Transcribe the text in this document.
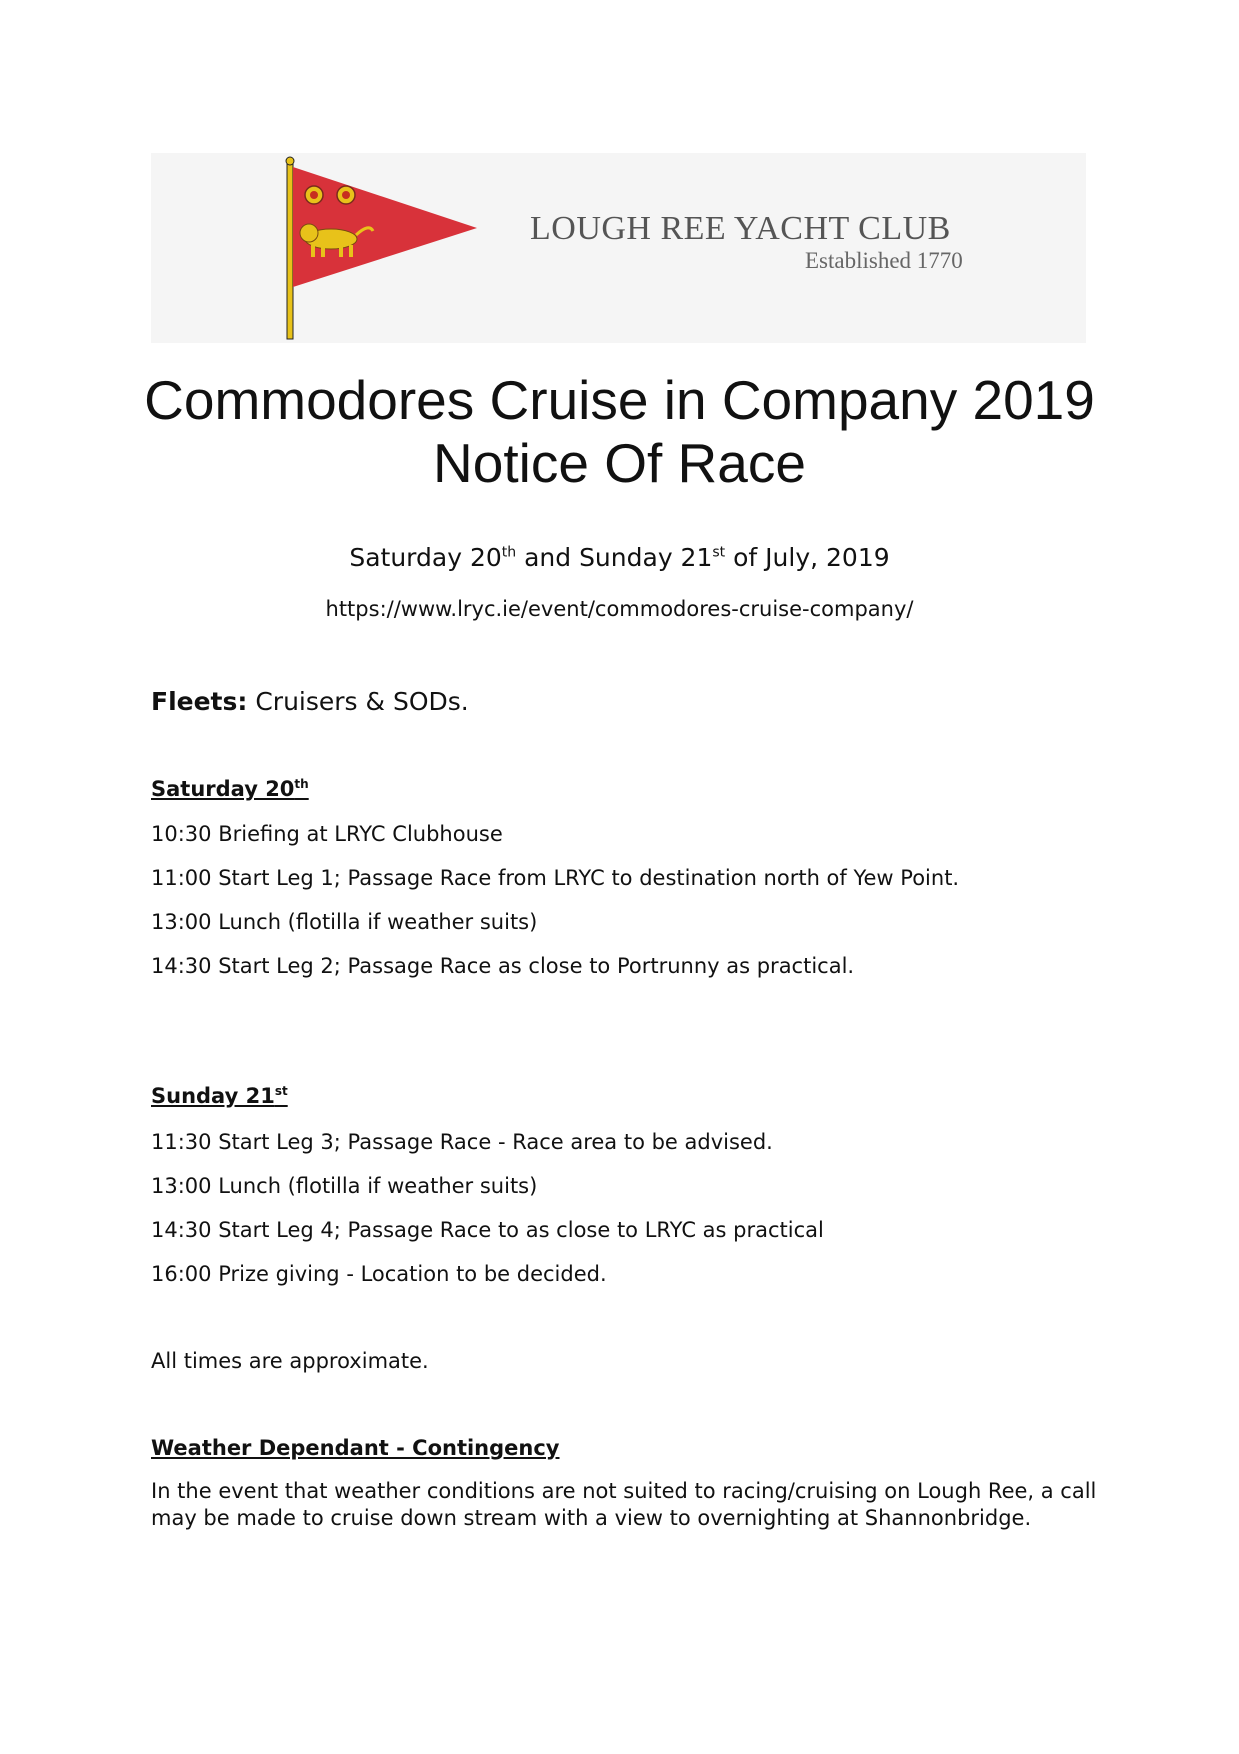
LOUGH REE YACHT CLUB
Established 1770
Commodores Cruise in Company 2019
Notice Of Race
Saturday 20th and Sunday 21st of July, 2019
https://www.lryc.ie/event/commodores-cruise-company/
Fleets: Cruisers & SODs.
Saturday 20th
10:30 Briefing at LRYC Clubhouse
11:00 Start Leg 1; Passage Race from LRYC to destination north of Yew Point.
13:00 Lunch (flotilla if weather suits)
14:30 Start Leg 2; Passage Race as close to Portrunny as practical.
Sunday 21st
11:30 Start Leg 3; Passage Race - Race area to be advised.
13:00 Lunch (flotilla if weather suits)
14:30 Start Leg 4; Passage Race to as close to LRYC as practical
16:00 Prize giving - Location to be decided.
All times are approximate.
Weather Dependant - Contingency
In the event that weather conditions are not suited to racing/cruising on Lough Ree, a call may be made to cruise down stream with a view to overnighting at Shannonbridge.
